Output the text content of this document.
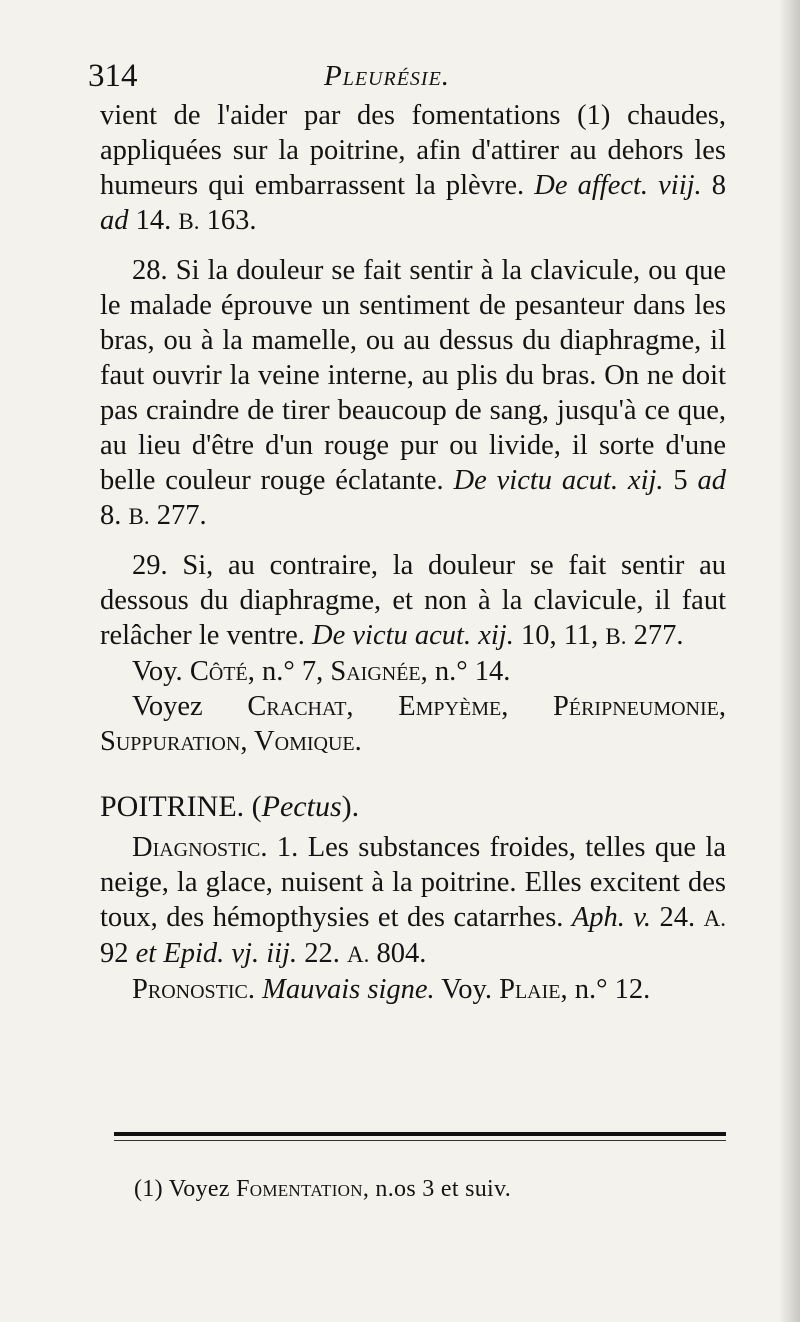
314	Pleurésie.

vient de l'aider par des fomentations (1) chaudes, appliquées sur la poitrine, afin d'attirer au dehors les humeurs qui embarrassent la plèvre. De affect. viij. 8 ad 14. B. 163.

28. Si la douleur se fait sentir à la clavicule, ou que le malade éprouve un sentiment de pesanteur dans les bras, ou à la mamelle, ou au dessus du diaphragme, il faut ouvrir la veine interne, au plis du bras. On ne doit pas craindre de tirer beaucoup de sang, jusqu'à ce que, au lieu d'être d'un rouge pur ou livide, il sorte d'une belle couleur rouge éclatante. De victu acut. xij. 5 ad 8. B. 277.

29. Si, au contraire, la douleur se fait sentir au dessous du diaphragme, et non à la clavicule, il faut relâcher le ventre. De victu acut. xij. 10, 11, B. 277.

Voy. Côté, n.° 7, Saignée, n.° 14.

Voyez Crachat, Empyème, Péripneumonie, Suppuration, Vomique.

POITRINE. (Pectus).

Diagnostic. 1. Les substances froides, telles que la neige, la glace, nuisent à la poitrine. Elles excitent des toux, des hémopthysies et des catarrhes. Aph. v. 24. A. 92 et Epid. vj. iij. 22. A. 804.

Pronostic. Mauvais signe. Voy. Plaie, n.° 12.

(1) Voyez Fomentation, n.os 3 et suiv.
